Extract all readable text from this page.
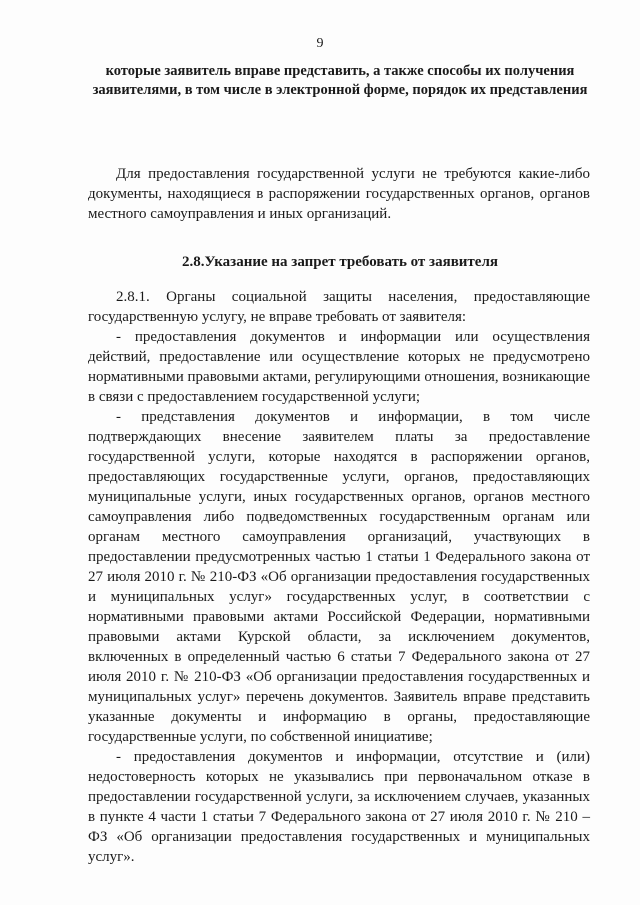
9
которые заявитель вправе представить, а также способы их получения заявителями, в том числе в электронной форме, порядок их представления
Для предоставления государственной услуги не требуются какие-либо документы, находящиеся в распоряжении государственных органов, органов местного самоуправления и иных организаций.
2.8.Указание на запрет требовать от заявителя

2.8.1. Органы социальной защиты населения, предоставляющие государственную услугу, не вправе требовать от заявителя:

- предоставления документов и информации или осуществления действий, предоставление или осуществление которых не предусмотрено нормативными правовыми актами, регулирующими отношения, возникающие в связи с предоставлением государственной услуги;

- представления документов и информации, в том числе подтверждающих внесение заявителем платы за предоставление государственной услуги, которые находятся в распоряжении органов, предоставляющих государственные услуги, органов, предоставляющих муниципальные услуги, иных государственных органов, органов местного самоуправления либо подведомственных государственным органам или органам местного самоуправления организаций, участвующих в предоставлении предусмотренных частью 1 статьи 1 Федерального закона от 27 июля 2010 г. № 210-ФЗ «Об организации предоставления государственных и муниципальных услуг» государственных услуг, в соответствии с нормативными правовыми актами Российской Федерации, нормативными правовыми актами Курской области, за исключением документов, включенных в определенный частью 6 статьи 7 Федерального закона от 27 июля 2010 г. № 210-ФЗ «Об организации предоставления государственных и муниципальных услуг» перечень документов. Заявитель вправе представить указанные документы и информацию в органы, предоставляющие государственные услуги, по собственной инициативе;

- предоставления документов и информации, отсутствие и (или) недостоверность которых не указывались при первоначальном отказе в предоставлении государственной услуги, за исключением случаев, указанных в пункте 4 части 1 статьи 7 Федерального закона от 27 июля 2010 г. № 210 – ФЗ «Об организации предоставления государственных и муниципальных услуг».
